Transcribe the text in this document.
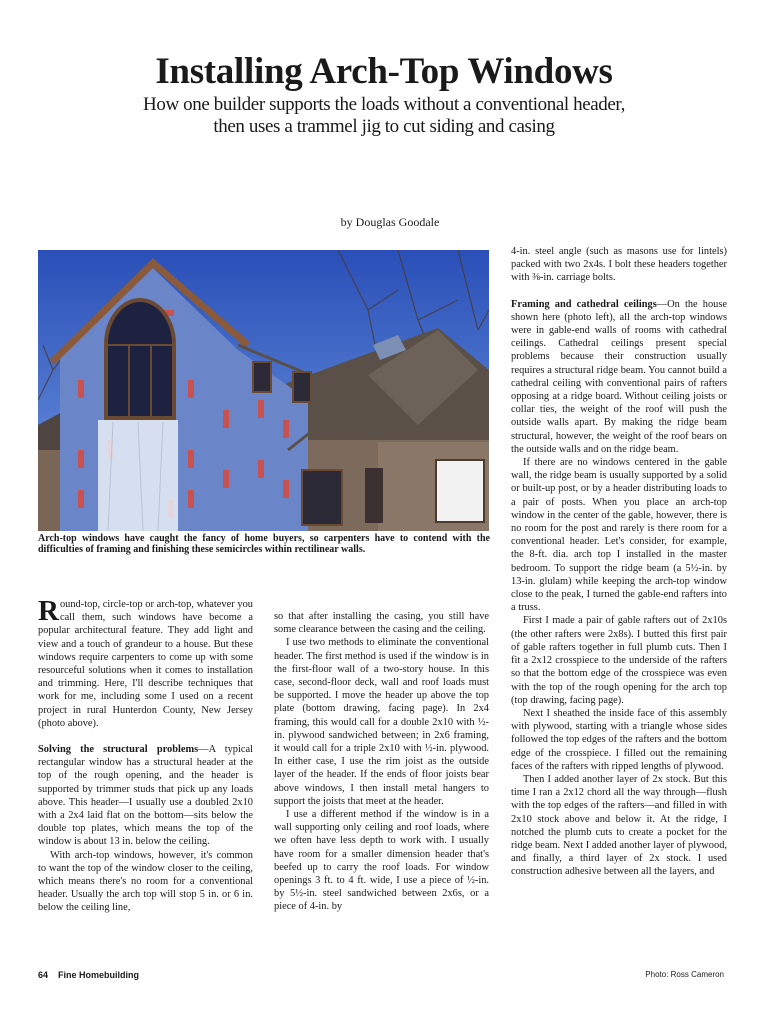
Installing Arch-Top Windows
How one builder supports the loads without a conventional header,
then uses a trammel jig to cut siding and casing
by Douglas Goodale

Arch-top windows have caught the fancy of home buyers, so carpenters have to contend with the difficulties of framing and finishing these semicircles within rectilinear walls.

Round-top, circle-top or arch-top, whatever you call them, such windows have become a popular architectural feature. They add light and view and a touch of grandeur to a house. But these windows require carpenters to come up with some resourceful solutions when it comes to installation and trimming. Here, I'll describe techniques that work for me, including some I used on a recent project in rural Hunterdon County, New Jersey (photo above).

Solving the structural problems—A typical rectangular window has a structural header at the top of the rough opening, and the header is supported by trimmer studs that pick up any loads above. This header—I usually use a doubled 2x10 with a 2x4 laid flat on the bottom—sits below the double top plates, which means the top of the window is about 13 in. below the ceiling.

With arch-top windows, however, it's common to want the top of the window closer to the ceiling, which means there's no room for a conventional header. Usually the arch top will stop 5 in. or 6 in. below the ceiling line,

so that after installing the casing, you still have some clearance between the casing and the ceiling.

I use two methods to eliminate the conventional header. The first method is used if the window is in the first-floor wall of a two-story house. In this case, second-floor deck, wall and roof loads must be supported. I move the header up above the top plate (bottom drawing, facing page). In 2x4 framing, this would call for a double 2x10 with ½-in. plywood sandwiched between; in 2x6 framing, it would call for a triple 2x10 with ½-in. plywood. In either case, I use the rim joist as the outside layer of the header. If the ends of floor joists bear above windows, I then install metal hangers to support the joists that meet at the header.

I use a different method if the window is in a wall supporting only ceiling and roof loads, where we often have less depth to work with. I usually have room for a smaller dimension header that's beefed up to carry the roof loads. For window openings 3 ft. to 4 ft. wide, I use a piece of ½-in. by 5½-in. steel sandwiched between 2x6s, or a piece of 4-in. by

4-in. steel angle (such as masons use for lintels) packed with two 2x4s. I bolt these headers together with ⅜-in. carriage bolts.

Framing and cathedral ceilings—On the house shown here (photo left), all the arch-top windows were in gable-end walls of rooms with cathedral ceilings. Cathedral ceilings present special problems because their construction usually requires a structural ridge beam. You cannot build a cathedral ceiling with conventional pairs of rafters opposing at a ridge board. Without ceiling joists or collar ties, the weight of the roof will push the outside walls apart. By making the ridge beam structural, however, the weight of the roof bears on the outside walls and on the ridge beam.

If there are no windows centered in the gable wall, the ridge beam is usually supported by a solid or built-up post, or by a header distributing loads to a pair of posts. When you place an arch-top window in the center of the gable, however, there is no room for the post and rarely is there room for a conventional header. Let's consider, for example, the 8-ft. dia. arch top I installed in the master bedroom. To support the ridge beam (a 5½-in. by 13-in. glulam) while keeping the arch-top window close to the peak, I turned the gable-end rafters into a truss.

First I made a pair of gable rafters out of 2x10s (the other rafters were 2x8s). I butted this first pair of gable rafters together in full plumb cuts. Then I fit a 2x12 crosspiece to the underside of the rafters so that the bottom edge of the crosspiece was even with the top of the rough opening for the arch top (top drawing, facing page).

Next I sheathed the inside face of this assembly with plywood, starting with a triangle whose sides followed the top edges of the rafters and the bottom edge of the crosspiece. I filled out the remaining faces of the rafters with ripped lengths of plywood.

Then I added another layer of 2x stock. But this time I ran a 2x12 chord all the way through—flush with the top edges of the rafters—and filled in with 2x10 stock above and below it. At the ridge, I notched the plumb cuts to create a pocket for the ridge beam. Next I added another layer of plywood, and finally, a third layer of 2x stock. I used construction adhesive between all the layers, and

64 Fine Homebuilding	Photo: Ross Cameron
